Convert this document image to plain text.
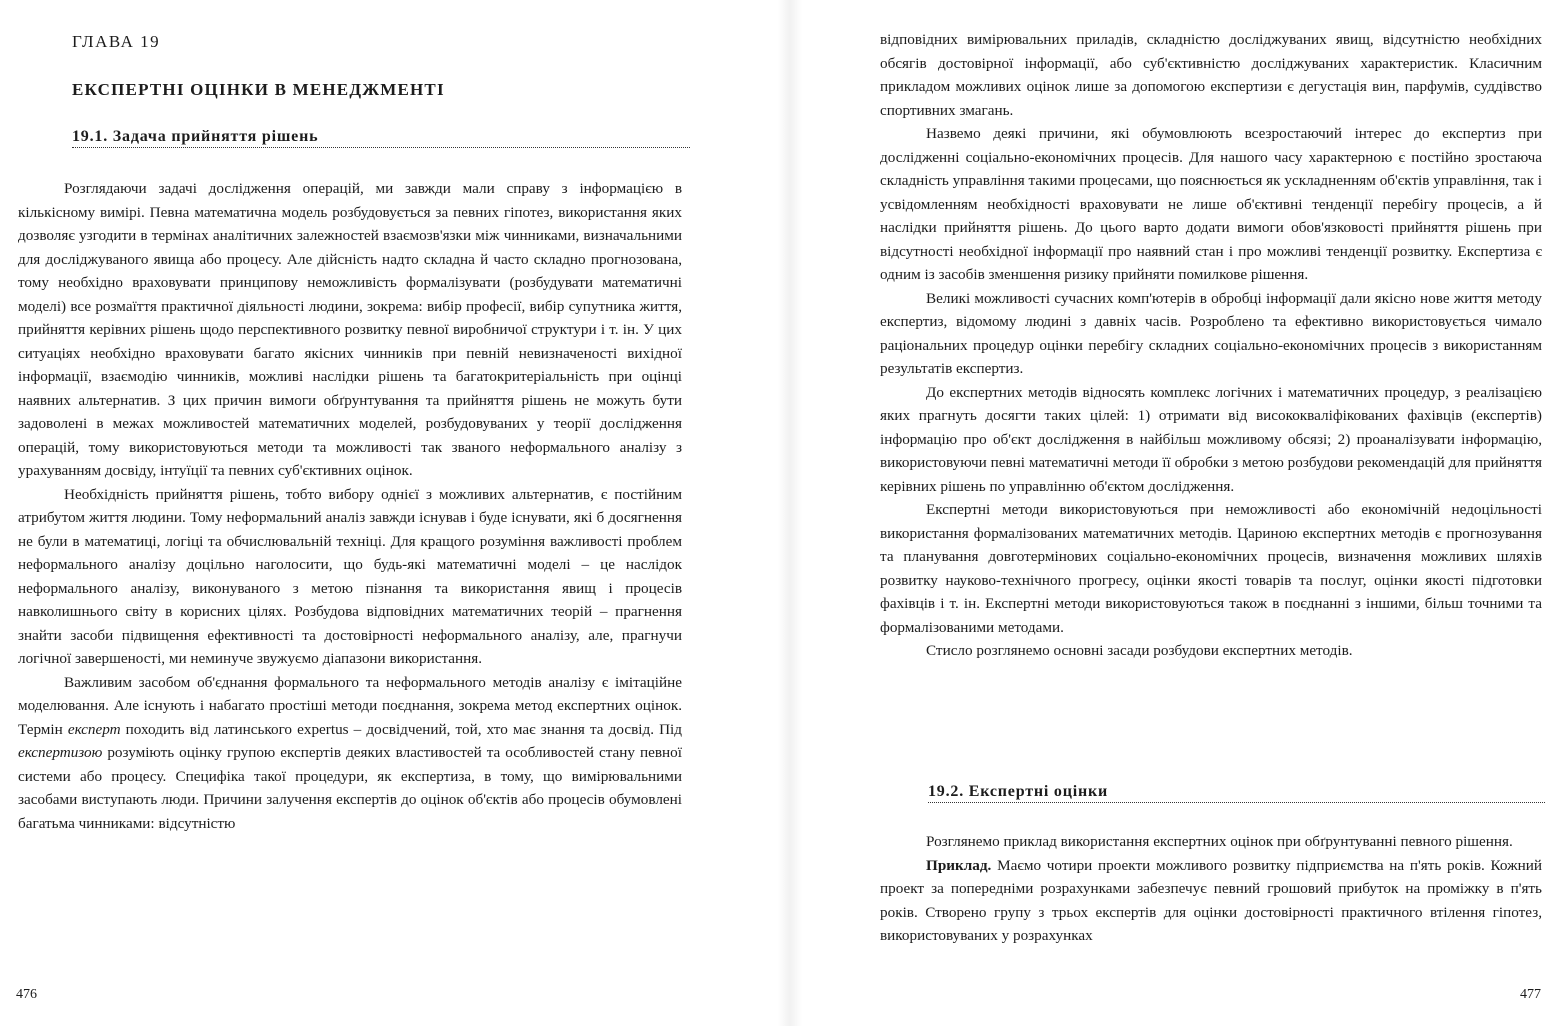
ГЛАВА 19
ЕКСПЕРТНІ ОЦІНКИ В МЕНЕДЖМЕНТІ
19.1. Задача прийняття рішень

Розглядаючи задачі дослідження операцій, ми завжди мали справу з інформацією в кількісному вимірі. Певна математична модель розбудовується за певних гіпотез, використання яких дозволяє узгодити в термінах аналітичних залежностей взаємозв'язки між чинниками, визначальними для досліджуваного явища або процесу. Але дійсність надто складна й часто складно прогнозована, тому необхідно враховувати принципову неможливість формалізувати (розбудувати математичні моделі) все розмаїття практичної діяльності людини, зокрема: вибір професії, вибір супутника життя, прийняття керівних рішень щодо перспективного розвитку певної виробничої структури і т. ін. У цих ситуаціях необхідно враховувати багато якісних чинників при певній невизначеності вихідної інформації, взаємодію чинників, можливі наслідки рішень та багатокритеріальність при оцінці наявних альтернатив. З цих причин вимоги обґрунтування та прийняття рішень не можуть бути задоволені в межах можливостей математичних моделей, розбудовуваних у теорії дослідження операцій, тому використовуються методи та можливості так званого неформального аналізу з урахуванням досвіду, інтуїції та певних суб'єктивних оцінок.

Необхідність прийняття рішень, тобто вибору однієї з можливих альтернатив, є постійним атрибутом життя людини. Тому неформальний аналіз завжди існував і буде існувати, які б досягнення не були в математиці, логіці та обчислювальній техніці. Для кращого розуміння важливості проблем неформального аналізу доцільно наголосити, що будь-які математичні моделі – це наслідок неформального аналізу, виконуваного з метою пізнання та використання явищ і процесів навколишнього світу в корисних цілях. Розбудова відповідних математичних теорій – прагнення знайти засоби підвищення ефективності та достовірності неформального аналізу, але, прагнучи логічної завершеності, ми неминуче звужуємо діапазони використання.

Важливим засобом об'єднання формального та неформального методів аналізу є імітаційне моделювання. Але існують і набагато простіші методи поєднання, зокрема метод експертних оцінок. Термін експерт походить від латинського expertus – досвідчений, той, хто має знання та досвід. Під експертизою розуміють оцінку групою експертів деяких властивостей та особливостей стану певної системи або процесу. Специфіка такої процедури, як експертиза, в тому, що вимірювальними засобами виступають люди. Причини залучення експертів до оцінок об'єктів або процесів обумовлені багатьма чинниками: відсутністю

476

відповідних вимірювальних приладів, складністю досліджуваних явищ, відсутністю необхідних обсягів достовірної інформації, або суб'єктивністю досліджуваних характеристик. Класичним прикладом можливих оцінок лише за допомогою експертизи є дегустація вин, парфумів, суддівство спортивних змагань.

Назвемо деякі причини, які обумовлюють всезростаючий інтерес до експертиз при дослідженні соціально-економічних процесів. Для нашого часу характерною є постійно зростаюча складність управління такими процесами, що пояснюється як ускладненням об'єктів управління, так і усвідомленням необхідності враховувати не лише об'єктивні тенденції перебігу процесів, а й наслідки прийняття рішень. До цього варто додати вимоги обов'язковості прийняття рішень при відсутності необхідної інформації про наявний стан і про можливі тенденції розвитку. Експертиза є одним із засобів зменшення ризику прийняти помилкове рішення.

Великі можливості сучасних комп'ютерів в обробці інформації дали якісно нове життя методу експертиз, відомому людині з давніх часів. Розроблено та ефективно використовується чимало раціональних процедур оцінки перебігу складних соціально-економічних процесів з використанням результатів експертиз.

До експертних методів відносять комплекс логічних і математичних процедур, з реалізацією яких прагнуть досягти таких цілей: 1) отримати від висококваліфікованих фахівців (експертів) інформацію про об'єкт дослідження в найбільш можливому обсязі; 2) проаналізувати інформацію, використовуючи певні математичні методи її обробки з метою розбудови рекомендацій для прийняття керівних рішень по управлінню об'єктом дослідження.

Експертні методи використовуються при неможливості або економічній недоцільності використання формалізованих математичних методів. Цариною експертних методів є прогнозування та планування довготермінових соціально-економічних процесів, визначення можливих шляхів розвитку науково-технічного прогресу, оцінки якості товарів та послуг, оцінки якості підготовки фахівців і т. ін. Експертні методи використовуються також в поєднанні з іншими, більш точними та формалізованими методами.

Стисло розглянемо основні засади розбудови експертних методів.

19.2. Експертні оцінки

Розглянемо приклад використання експертних оцінок при обґрунтуванні певного рішення.

Приклад. Маємо чотири проекти можливого розвитку підприємства на п'ять років. Кожний проект за попередніми розрахунками забезпечує певний грошовий прибуток на проміжку в п'ять років. Створено групу з трьох експертів для оцінки достовірності практичного втілення гіпотез, використовуваних у розрахунках

477
